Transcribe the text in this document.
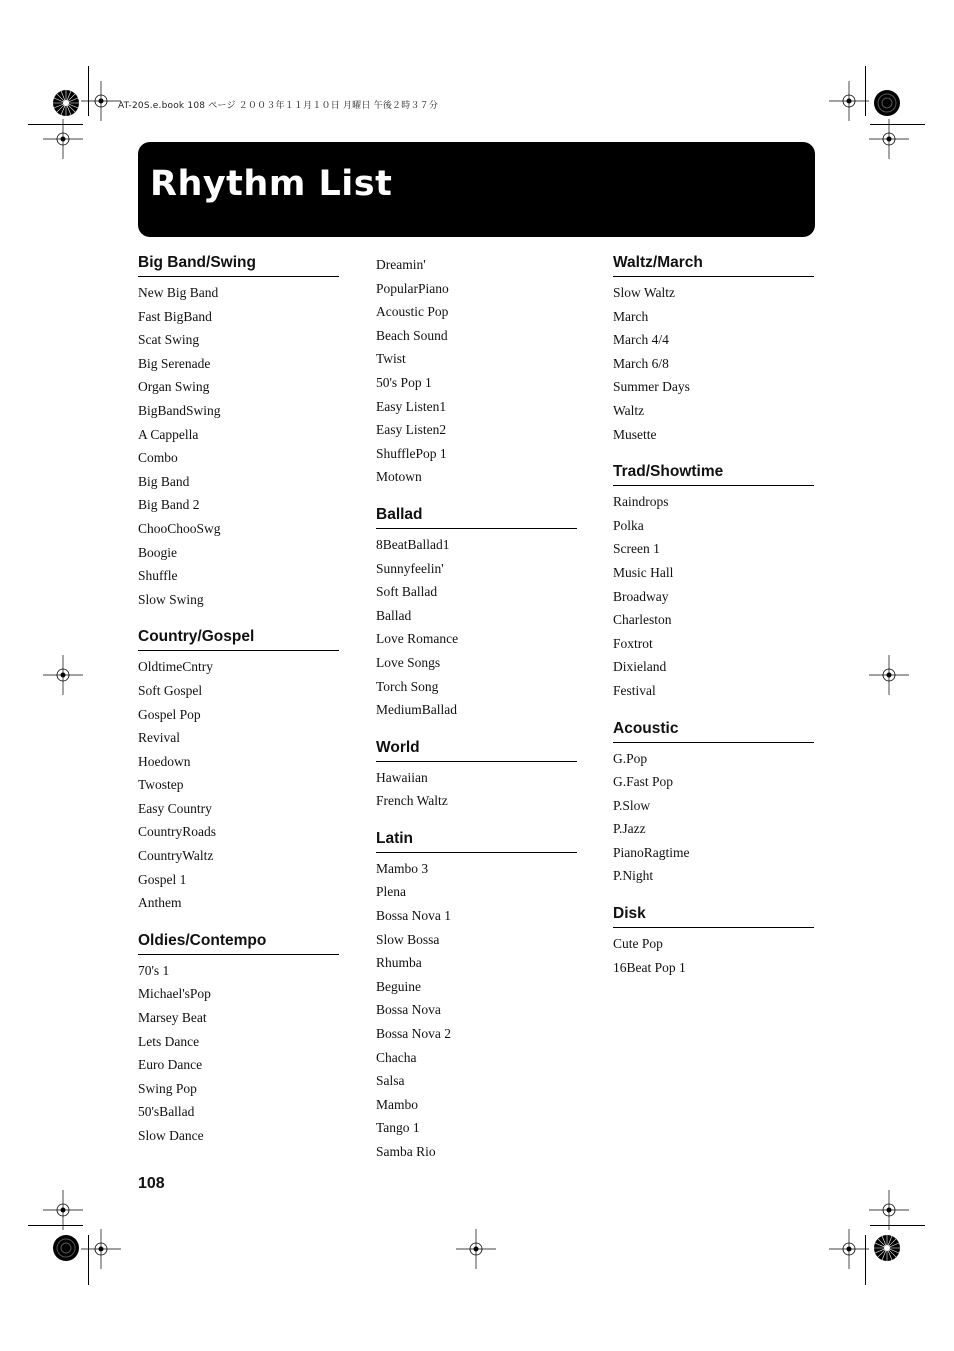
AT-20S.e.book 108 ページ ２００３年１１月１０日 月曜日 午後２時３７分
Rhythm List
Big Band/Swing
New Big Band
Fast BigBand
Scat Swing
Big Serenade
Organ Swing
BigBandSwing
A Cappella
Combo
Big Band
Big Band 2
ChooChooSwg
Boogie
Shuffle
Slow Swing
Country/Gospel
OldtimeCntry
Soft Gospel
Gospel Pop
Revival
Hoedown
Twostep
Easy Country
CountryRoads
CountryWaltz
Gospel 1
Anthem
Oldies/Contempo
70's 1
Michael'sPop
Marsey Beat
Lets Dance
Euro Dance
Swing Pop
50'sBallad
Slow Dance
Dreamin'
PopularPiano
Acoustic Pop
Beach Sound
Twist
50's Pop 1
Easy Listen1
Easy Listen2
ShufflePop 1
Motown
Ballad
8BeatBallad1
Sunnyfeelin'
Soft Ballad
Ballad
Love Romance
Love Songs
Torch Song
MediumBallad
World
Hawaiian
French Waltz
Latin
Mambo 3
Plena
Bossa Nova 1
Slow Bossa
Rhumba
Beguine
Bossa Nova
Bossa Nova 2
Chacha
Salsa
Mambo
Tango 1
Samba Rio
Waltz/March
Slow Waltz
March
March 4/4
March 6/8
Summer Days
Waltz
Musette
Trad/Showtime
Raindrops
Polka
Screen 1
Music Hall
Broadway
Charleston
Foxtrot
Dixieland
Festival
Acoustic
G.Pop
G.Fast Pop
P.Slow
P.Jazz
PianoRagtime
P.Night
Disk
Cute Pop
16Beat Pop 1
108
